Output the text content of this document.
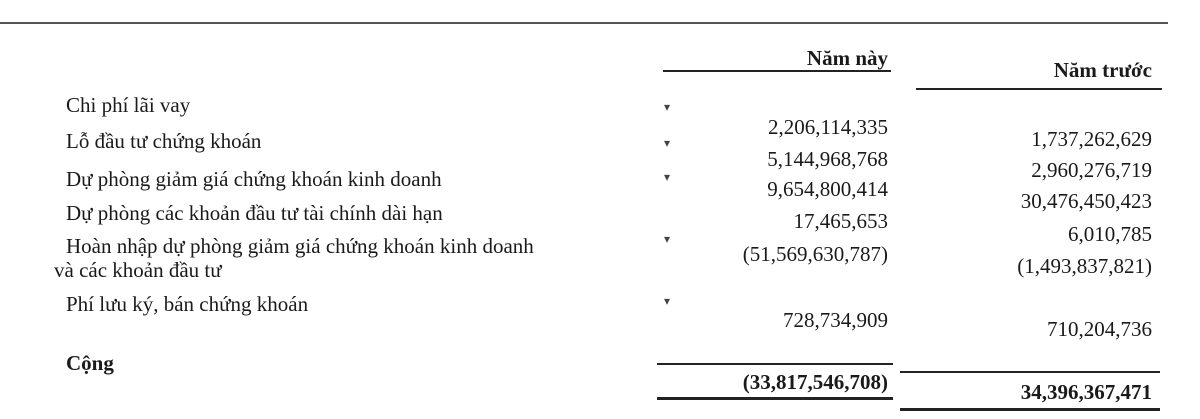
Năm này	Năm trước
Chi phí lãi vay
Lỗ đầu tư chứng khoán
Dự phòng giảm giá chứng khoán kinh doanh
Dự phòng các khoản đầu tư tài chính dài hạn
Hoàn nhập dự phòng giảm giá chứng khoán kinh doanh
và các khoản đầu tư
Phí lưu ký, bán chứng khoán
Cộng
▾
▾
▾
▾
▾
2,206,114,335
5,144,968,768
9,654,800,414
17,465,653
(51,569,630,787)
728,734,909
1,737,262,629
2,960,276,719
30,476,450,423
6,010,785
(1,493,837,821)
710,204,736
(33,817,546,708)	34,396,367,471
